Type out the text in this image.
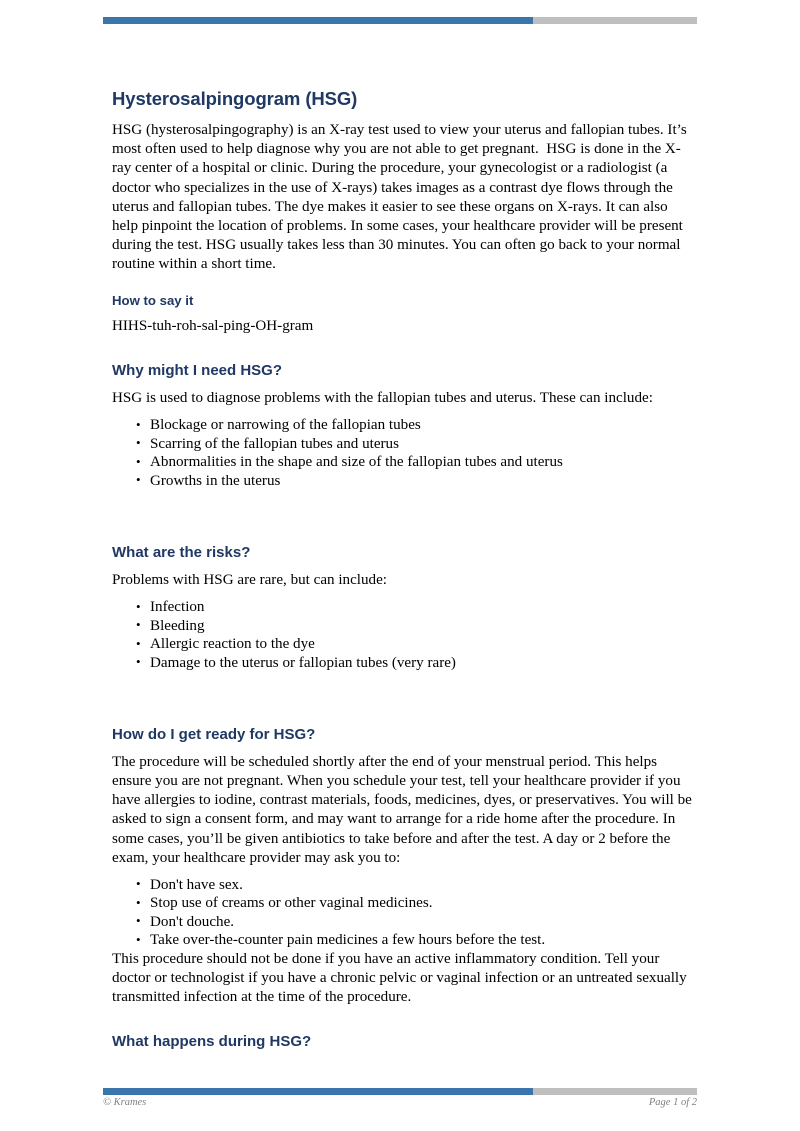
Hysterosalpingogram (HSG)

HSG (hysterosalpingography) is an X-ray test used to view your uterus and fallopian tubes. It’s most often used to help diagnose why you are not able to get pregnant.  HSG is done in the X-ray center of a hospital or clinic. During the procedure, your gynecologist or a radiologist (a doctor who specializes in the use of X-rays) takes images as a contrast dye flows through the uterus and fallopian tubes. The dye makes it easier to see these organs on X-rays. It can also help pinpoint the location of problems. In some cases, your healthcare provider will be present during the test. HSG usually takes less than 30 minutes. You can often go back to your normal routine within a short time.

How to say it

HIHS-tuh-roh-sal-ping-OH-gram

Why might I need HSG?

HSG is used to diagnose problems with the fallopian tubes and uterus. These can include:

• Blockage or narrowing of the fallopian tubes
• Scarring of the fallopian tubes and uterus
• Abnormalities in the shape and size of the fallopian tubes and uterus
• Growths in the uterus
What are the risks?

Problems with HSG are rare, but can include:

• Infection
• Bleeding
• Allergic reaction to the dye
• Damage to the uterus or fallopian tubes (very rare)
How do I get ready for HSG?

The procedure will be scheduled shortly after the end of your menstrual period. This helps ensure you are not pregnant. When you schedule your test, tell your healthcare provider if you have allergies to iodine, contrast materials, foods, medicines, dyes, or preservatives. You will be asked to sign a consent form, and may want to arrange for a ride home after the procedure. In some cases, you’ll be given antibiotics to take before and after the test. A day or 2 before the exam, your healthcare provider may ask you to:

• Don't have sex.
• Stop use of creams or other vaginal medicines.
• Don't douche.
• Take over-the-counter pain medicines a few hours before the test.

This procedure should not be done if you have an active inflammatory condition. Tell your doctor or technologist if you have a chronic pelvic or vaginal infection or an untreated sexually transmitted infection at the time of the procedure.

What happens during HSG?
© Krames	Page 1 of 2
